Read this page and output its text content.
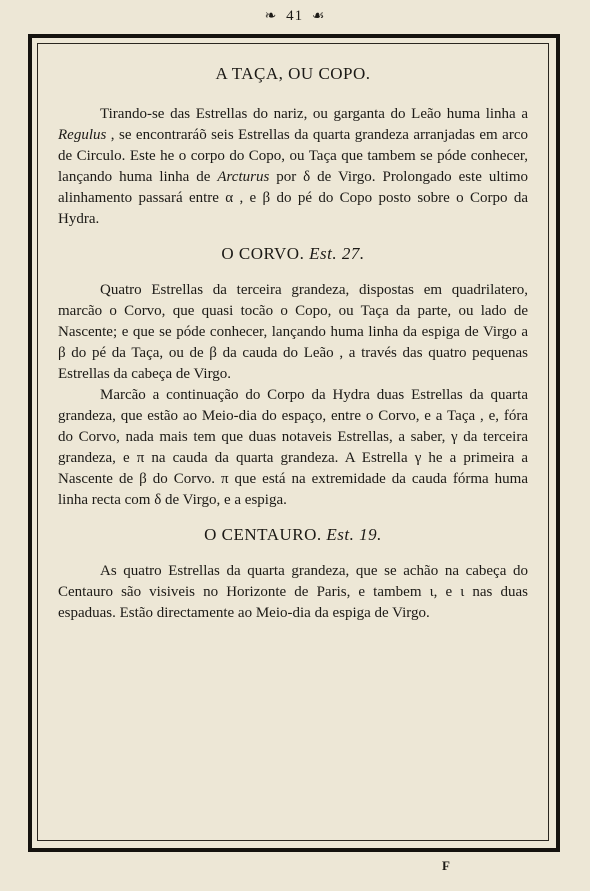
❧ 41 ☙
A TAÇA, OU COPO.

Tirando-se das Estrellas do nariz, ou garganta do Leão huma linha a Regulus , se encontraráõ seis Estrellas da quarta grandeza arranjadas em arco de Circulo. Este he o corpo do Copo, ou Taça que tambem se póde conhecer, lançando huma linha de Arcturus por δ de Virgo. Prolongado este ultimo alinhamento passará entre α , e β do pé do Copo posto sobre o Corpo da Hydra.

O CORVO. Est. 27.

Quatro Estrellas da terceira grandeza, dispostas em quadrilatero, marcão o Corvo, que quasi tocão o Copo, ou Taça da parte, ou lado de Nascente; e que se póde conhecer, lançando huma linha da espiga de Virgo a β do pé da Taça, ou de β da cauda do Leão , a través das quatro pequenas Estrellas da cabeça de Virgo.

Marcão a continuação do Corpo da Hydra duas Estrellas da quarta grandeza, que estão ao Meio-dia do espaço, entre o Corvo, e a Taça , e, fóra do Corvo, nada mais tem que duas notaveis Estrellas, a saber, γ da terceira grandeza, e π na cauda da quarta grandeza. A Estrella γ he a primeira a Nascente de β do Corvo. π que está na extremidade da cauda fórma huma linha recta com δ de Virgo, e a espiga.

O CENTAURO. Est. 19.

As quatro Estrellas da quarta grandeza, que se achão na cabeça do Centauro são visiveis no Horizonte de Paris, e tambem ι, e ι nas duas espaduas. Estão directamente ao Meio-dia da espiga de Virgo.

F
